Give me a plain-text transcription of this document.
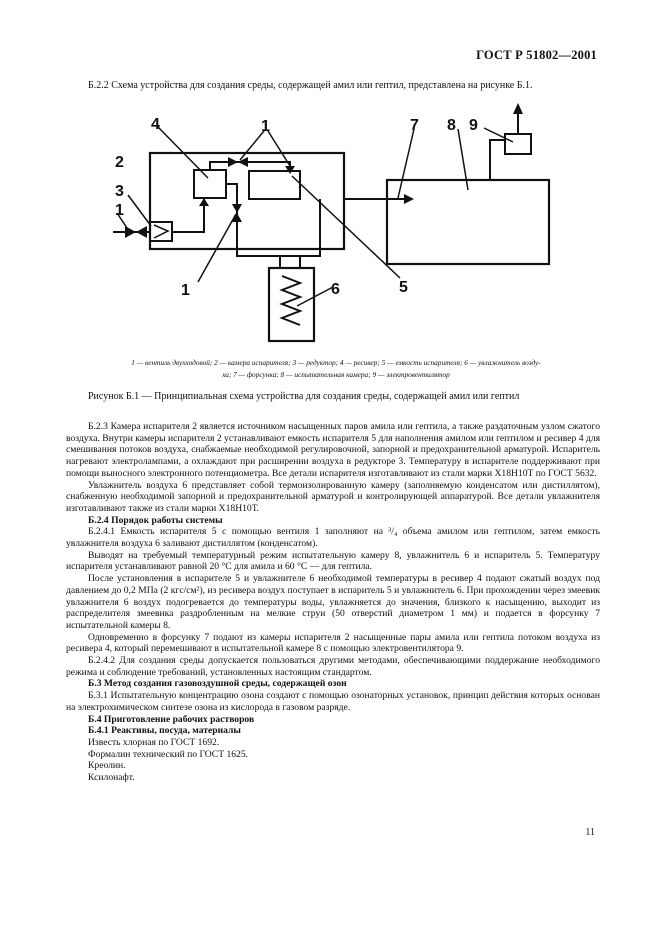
ГОСТ Р 51802—2001
Б.2.2 Схема устройства для создания среды, содержащей амил или гептил, представлена на рисунке Б.1.
1
4
2
3
1
1	5
6
7 8 9
1 — вентиль двухходовой; 2 — камера испарителя; 3 — редуктор; 4 — ресивер; 5 — емкость испарителя; 6 — увлажнитель возду-
ха; 7 — форсунка; 8 — испытательная камера; 9 — электровентилятор
Рисунок Б.1 — Принципиальная схема устройства для создания среды, содержащей амил или гептил

Б.2.3 Камера испарителя 2 является источником насыщенных паров амила или гептила, а также раздаточным узлом сжатого воздуха. Внутри камеры испарителя 2 устанавливают емкость испарителя 5 для наполнения амилом или гептилом и ресивер 4 для смешивания потоков воздуха, снабжаемые необходимой регулировочной, запорной и предохранительной арматурой. Испаритель нагревают электролампами, а охлаждают при расширении воздуха в редукторе 3. Температуру в испарителе поддерживают при помощи выносного электронного потенциометра. Все детали испарителя изготавливают из стали марки Х18Н10Т по ГОСТ 5632.

Увлажнитель воздуха 6 представляет собой термоизолированную камеру (заполняемую конденсатом или дистиллятом), снабженную необходимой запорной и предохранительной арматурой и контролирующей аппаратурой. Все детали увлажнителя изготавливают также из стали марки Х18Н10Т.

Б.2.4 Порядок работы системы

Б.2.4.1 Емкость испарителя 5 с помощью вентиля 1 заполняют на ³/₄ объема амилом или гептилом, затем емкость увлажнителя воздуха 6 заливают дистиллятом (конденсатом).

Выводят на требуемый температурный режим испытательную камеру 8, увлажнитель 6 и испаритель 5. Температуру испарителя устанавливают равной 20 °С для амила и 60 °С — для гептила.

После установления в испарителе 5 и увлажнителе 6 необходимой температуры в ресивер 4 подают сжатый воздух под давлением до 0,2 МПа (2 кгс/см²), из ресивера воздух поступает в испаритель 5 и увлажнитель 6. При прохождении через змеевик увлажнителя 6 воздух подогревается до температуры воды, увлажняется до значения, близкого к насыщению, выходит из распределителя змеевика раздробленным на мелкие струи (50 отверстий диаметром 1 мм) и подается в форсунку 7 испытательной камеры 8.

Одновременно в форсунку 7 подают из камеры испарителя 2 насыщенные пары амила или гептила потоком воздуха из ресивера 4, который перемешивают в испытательной камере 8 с помощью электровентилятора 9.

Б.2.4.2 Для создания среды допускается пользоваться другими методами, обеспечивающими поддержание необходимого режима и соблюдение требований, установленных настоящим стандартом.

Б.3 Метод создания газовоздушной среды, содержащей озон

Б.3.1 Испытательную концентрацию озона создают с помощью озонаторных установок, принцип действия которых основан на электрохимическом синтезе озона из кислорода в газовом разряде.

Б.4 Приготовление рабочих растворов

Б.4.1 Реактивы, посуда, материалы

Известь хлорная по ГОСТ 1692.

Формалин технический по ГОСТ 1625.

Креолин.

Ксилонафт.

11
